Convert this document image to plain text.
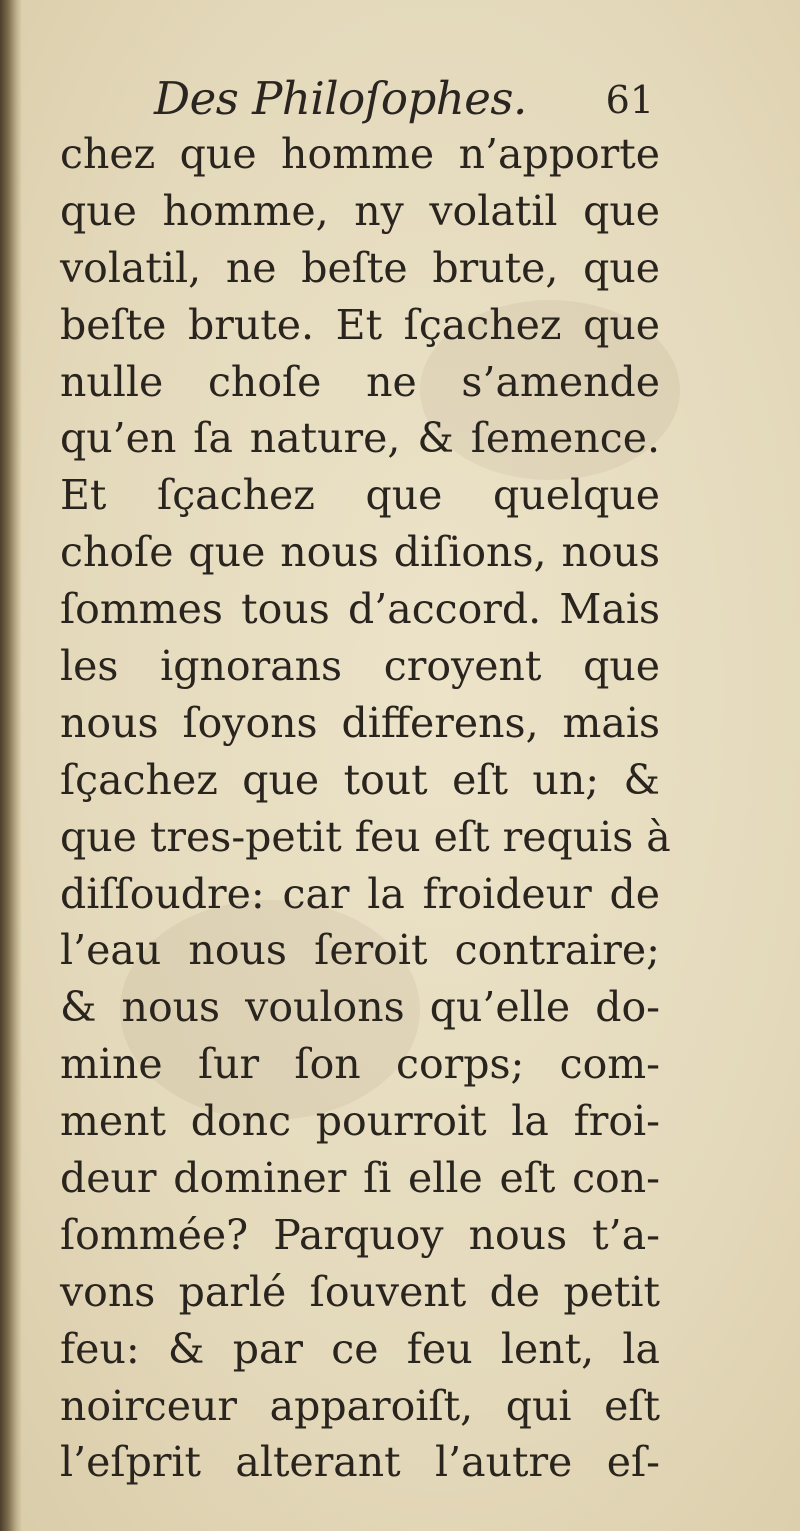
Des Philoſophes. 61
chez que homme n’apporte
que homme, ny volatil que
volatil, ne beſte brute, que
beſte brute. Et ſçachez que
nulle choſe ne s’amende
qu’en ſa nature, & ſemence.
Et ſçachez que quelque
choſe que nous diſions, nous
ſommes tous d’accord. Mais
les ignorans croyent que
nous ſoyons differens, mais
ſçachez que tout eſt un; &
que tres-petit feu eſt requis à
diſſoudre: car la froideur de
l’eau nous ſeroit contraire;
& nous voulons qu’elle do-
mine ſur ſon corps; com-
ment donc pourroit la froi-
deur dominer ſi elle eſt con-
ſommée? Parquoy nous t’a-
vons parlé ſouvent de petit
feu: & par ce feu lent, la
noirceur apparoiſt, qui eſt
l’eſprit alterant l’autre eſ-
